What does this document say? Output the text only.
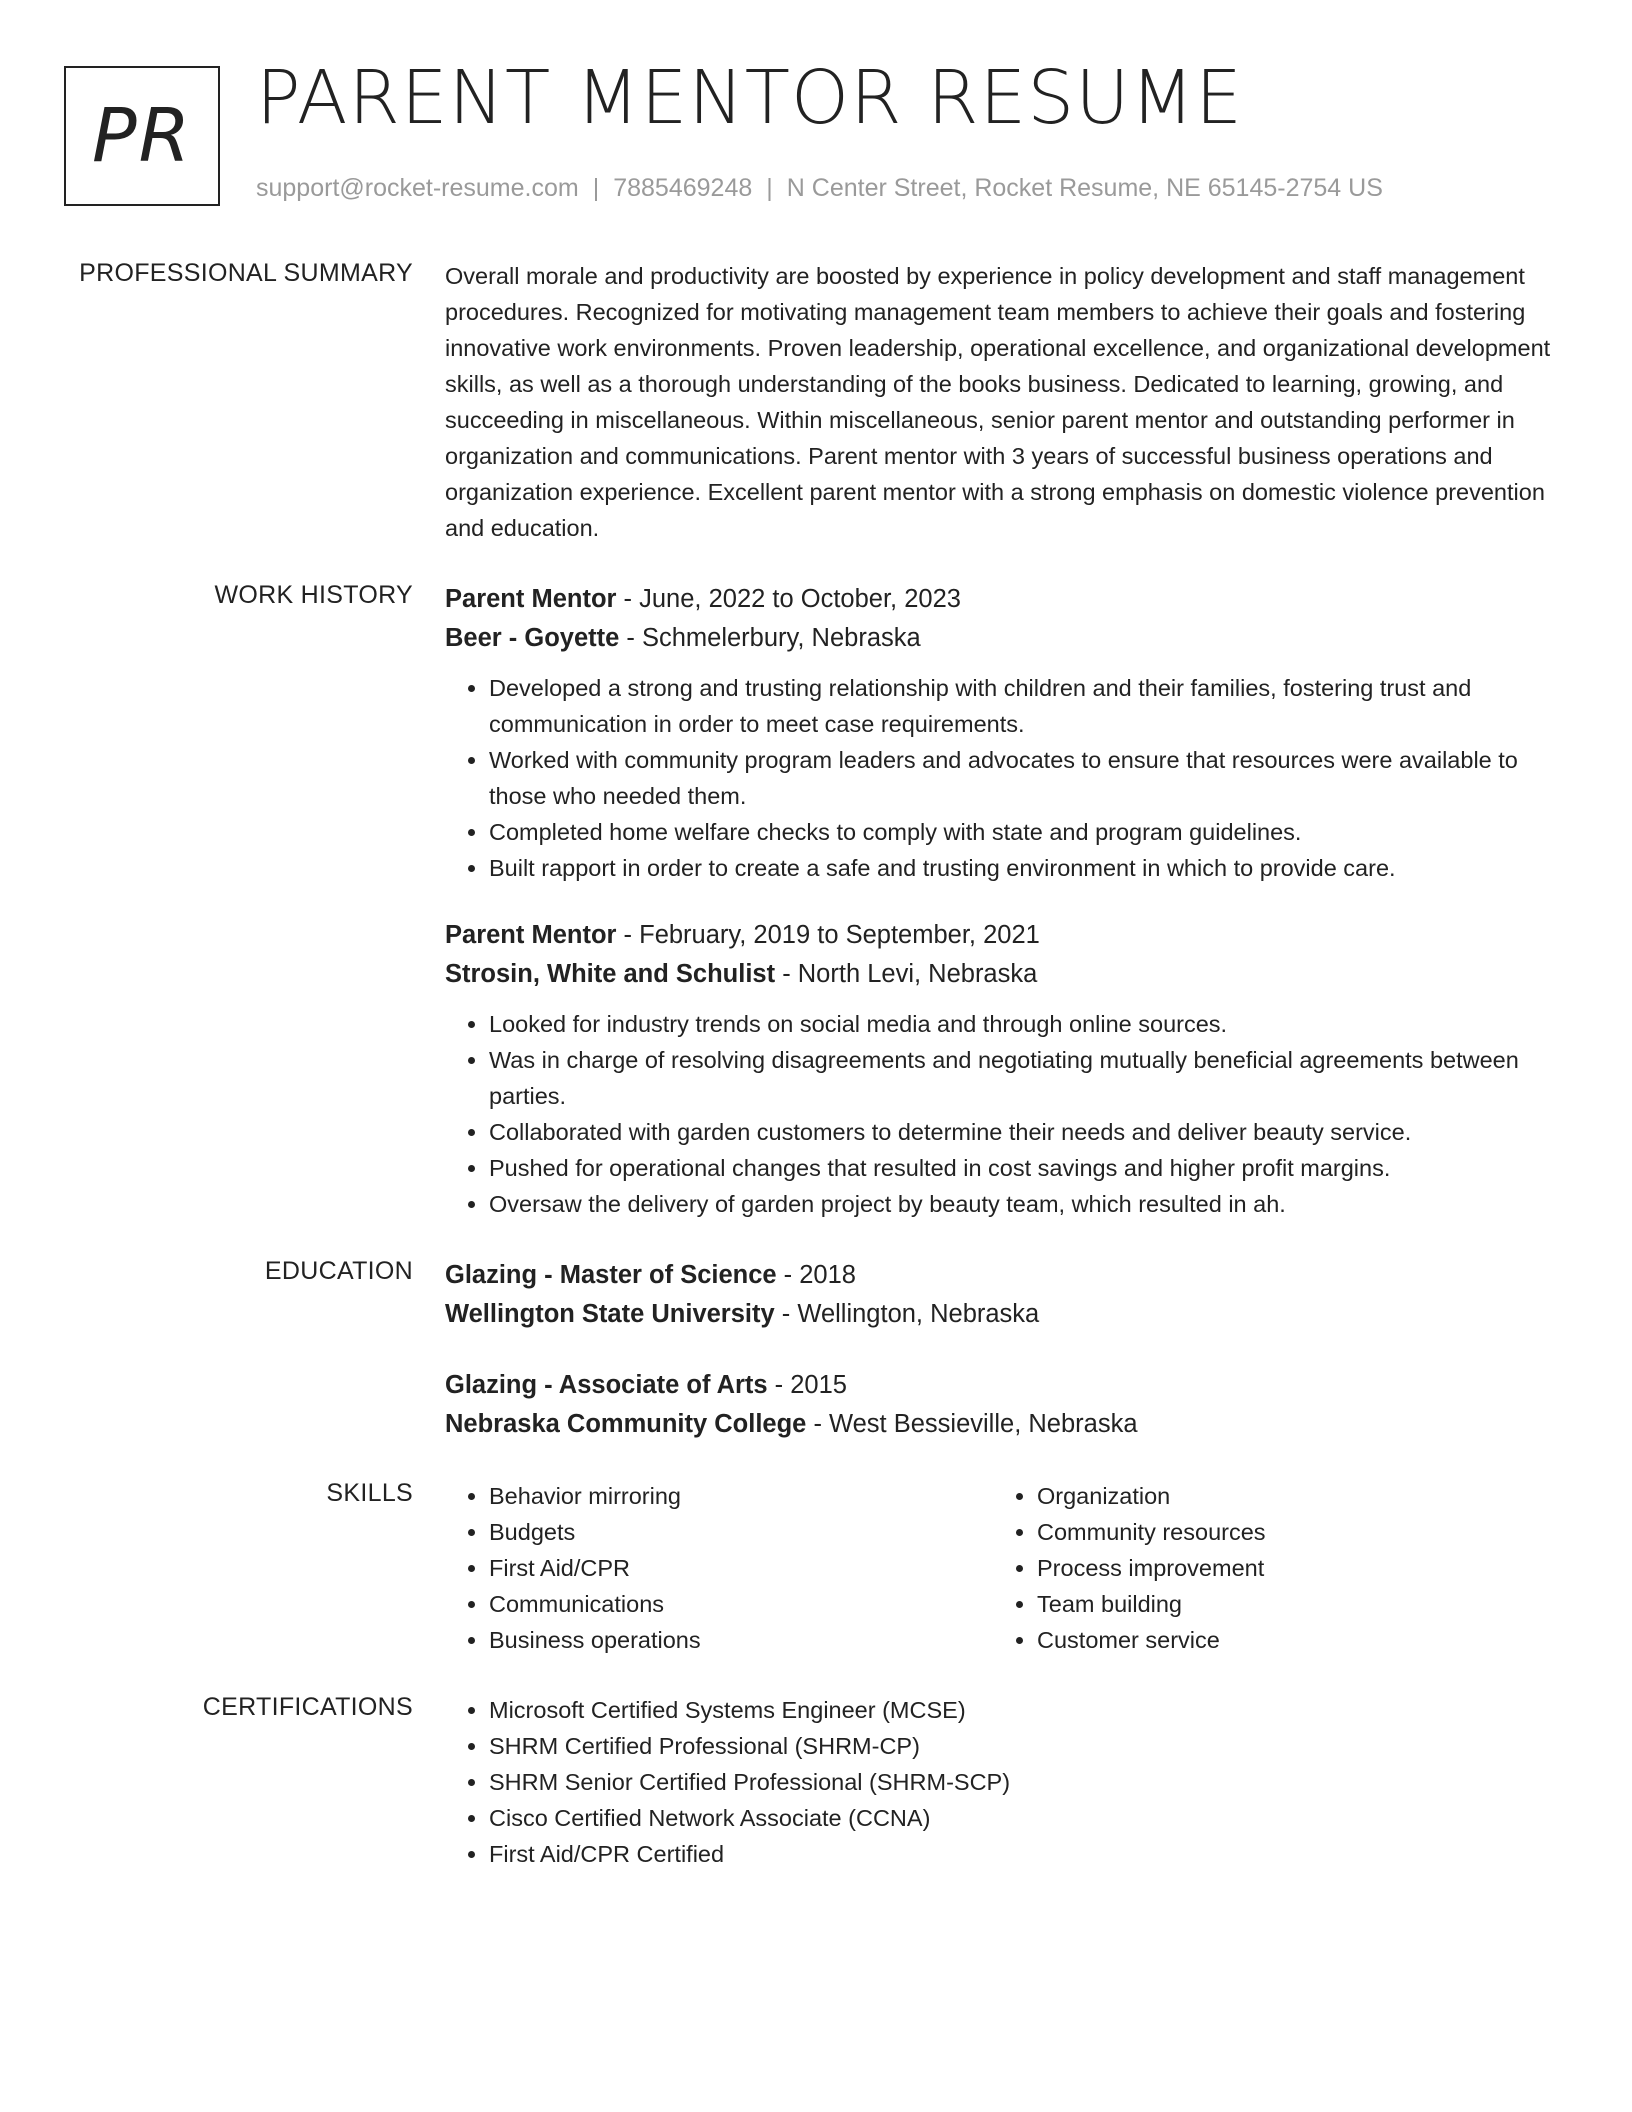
PR PARENT MENTOR RESUME
support@rocket-resume.com | 7885469248 | N Center Street, Rocket Resume, NE 65145-2754 US
PROFESSIONAL SUMMARY Overall morale and productivity are boosted by experience in policy development and staff management procedures. Recognized for motivating management team members to achieve their goals and fostering innovative work environments. Proven leadership, operational excellence, and organizational development skills, as well as a thorough understanding of the books business. Dedicated to learning, growing, and succeeding in miscellaneous. Within miscellaneous, senior parent mentor and outstanding performer in organization and communications. Parent mentor with 3 years of successful business operations and organization experience. Excellent parent mentor with a strong emphasis on domestic violence prevention and education.

WORK HISTORY Parent Mentor - June, 2022 to October, 2023
Beer - Goyette - Schmelerbury, Nebraska
• Developed a strong and trusting relationship with children and their families, fostering trust and communication in order to meet case requirements.
• Worked with community program leaders and advocates to ensure that resources were available to those who needed them.
• Completed home welfare checks to comply with state and program guidelines.
• Built rapport in order to create a safe and trusting environment in which to provide care.
Parent Mentor - February, 2019 to September, 2021
Strosin, White and Schulist - North Levi, Nebraska
• Looked for industry trends on social media and through online sources.
• Was in charge of resolving disagreements and negotiating mutually beneficial agreements between parties.
• Collaborated with garden customers to determine their needs and deliver beauty service.
• Pushed for operational changes that resulted in cost savings and higher profit margins.
• Oversaw the delivery of garden project by beauty team, which resulted in ah.
EDUCATION Glazing - Master of Science - 2018
Wellington State University - Wellington, Nebraska
Glazing - Associate of Arts - 2015
Nebraska Community College - West Bessieville, Nebraska
SKILLS	• Behavior mirroring
• Budgets
• First Aid/CPR
• Communications
• Business operations
• Organization
• Community resources
• Process improvement
• Team building
• Customer service
CERTIFICATIONS	• Microsoft Certified Systems Engineer (MCSE)
• SHRM Certified Professional (SHRM-CP)
• SHRM Senior Certified Professional (SHRM-SCP)
• Cisco Certified Network Associate (CCNA)
• First Aid/CPR Certified
